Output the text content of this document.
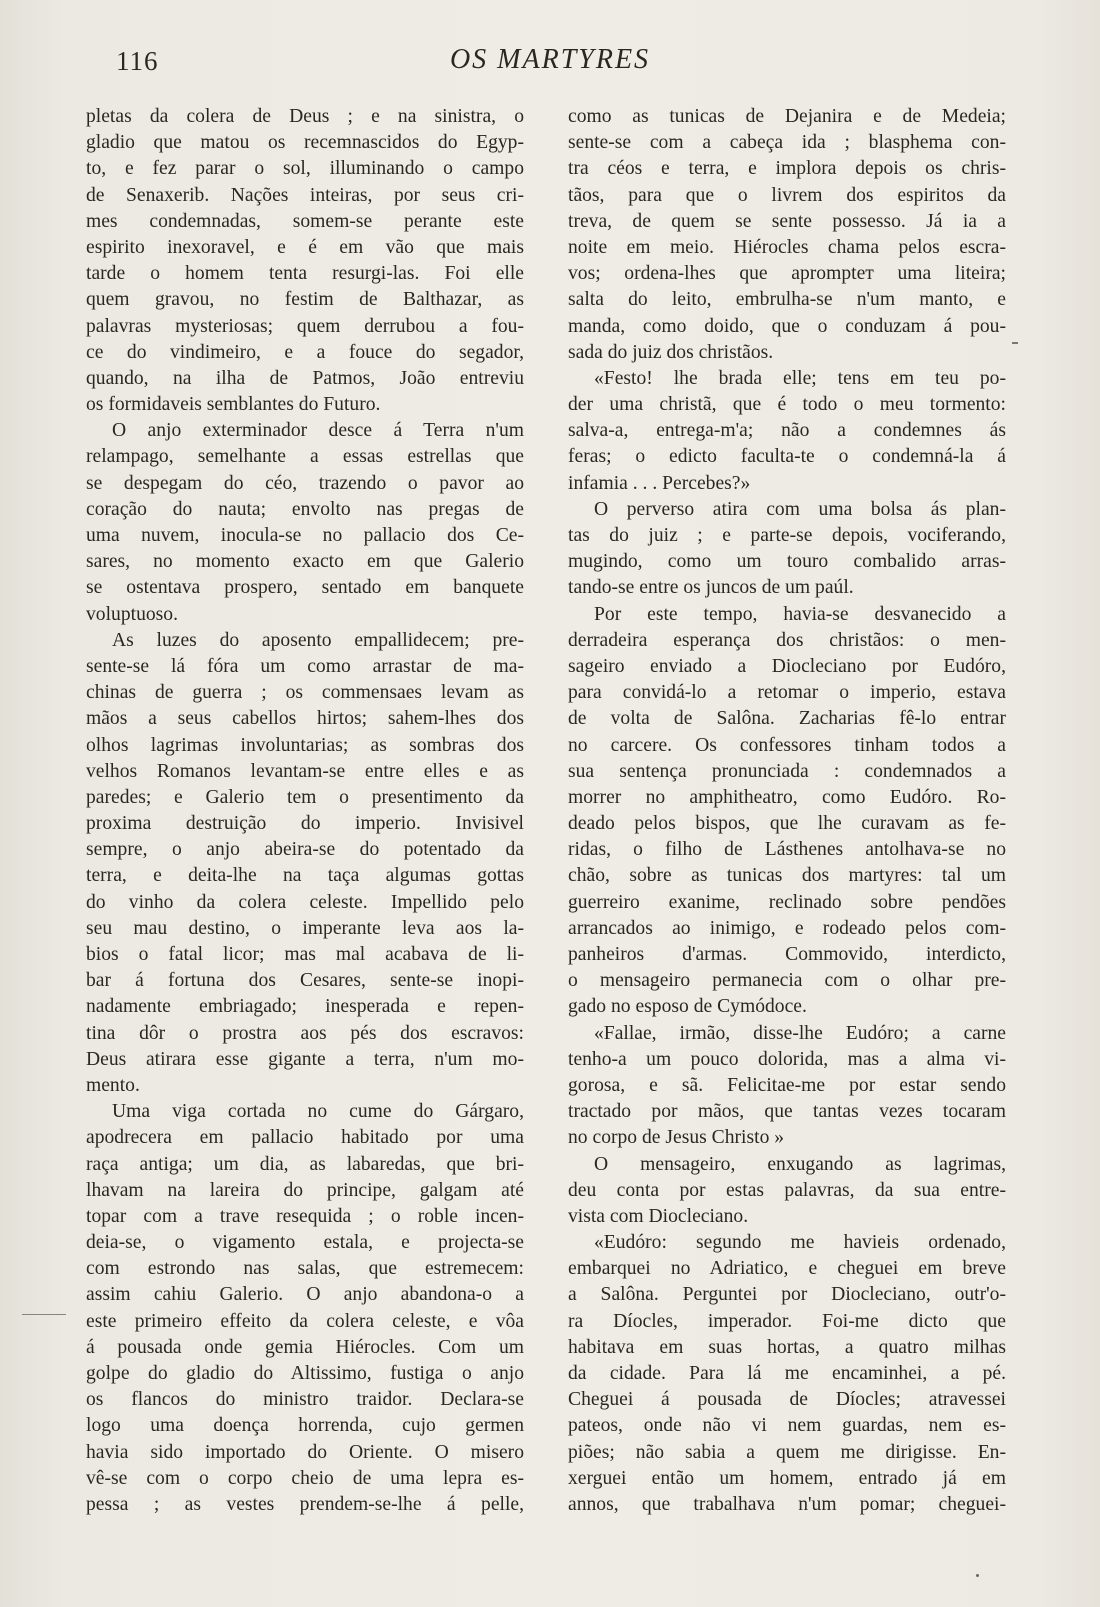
116	OS MARTYRES
pletas da colera de Deus ; e na sinistra, o
gladio que matou os recemnascidos do Egyp-
to, e fez parar o sol, illuminando o campo
de Senaxerib. Nações inteiras, por seus cri-
mes condemnadas, somem-se perante este
espirito inexoravel, e é em vão que mais
tarde o homem tenta resurgi-las. Foi elle
quem gravou, no festim de Balthazar, as
palavras mysteriosas; quem derrubou a fou-
ce do vindimeiro, e a fouce do segador,
quando, na ilha de Patmos, João entreviu
os formidaveis semblantes do Futuro.
O anjo exterminador desce á Terra n'um
relampago, semelhante a essas estrellas que
se despegam do céo, trazendo o pavor ao
coração do nauta; envolto nas pregas de
uma nuvem, inocula-se no pallacio dos Ce-
sares, no momento exacto em que Galerio
se ostentava prospero, sentado em banquete
voluptuoso.
As luzes do aposento empallidecem; pre-
sente-se lá fóra um como arrastar de ma-
chinas de guerra ; os commensaes levam as
mãos a seus cabellos hirtos; sahem-lhes dos
olhos lagrimas involuntarias; as sombras dos
velhos Romanos levantam-se entre elles e as
paredes; e Galerio tem o presentimento da
proxima destruição do imperio. Invisivel
sempre, o anjo abeira-se do potentado da
terra, e deita-lhe na taça algumas gottas
do vinho da colera celeste. Impellido pelo
seu mau destino, o imperante leva aos la-
bios o fatal licor; mas mal acabava de li-
bar á fortuna dos Cesares, sente-se inopi-
nadamente embriagado; inesperada e repen-
tina dôr o prostra aos pés dos escravos:
Deus atirara esse gigante a terra, n'um mo-
mento.
Uma viga cortada no cume do Gárgaro,
apodrecera em pallacio habitado por uma
raça antiga; um dia, as labaredas, que bri-
lhavam na lareira do principe, galgam até
topar com a trave resequida ; o roble incen-
deia-se, o vigamento estala, e projecta-se
com estrondo nas salas, que estremecem:
assim cahiu Galerio. O anjo abandona-o a
este primeiro effeito da colera celeste, e vôa
á pousada onde gemia Hiérocles. Com um
golpe do gladio do Altissimo, fustiga o anjo
os flancos do ministro traidor. Declara-se
logo uma doença horrenda, cujo germen
havia sido importado do Oriente. O misero
vê-se com o corpo cheio de uma lepra es-
pessa ; as vestes prendem-se-lhe á pelle,
como as tunicas de Dejanira e de Medeia;
sente-se com a cabeça ida ; blasphema con-
tra céos e terra, e implora depois os chris-
tãos, para que o livrem dos espiritos da
treva, de quem se sente possesso. Já ia a
noite em meio. Hiérocles chama pelos escra-
vos; ordena-lhes que aprompteт uma liteira;
salta do leito, embrulha-se n'um manto, e
manda, como doido, que o conduzam á pou-
sada do juiz dos christãos.
«Festo! lhe brada elle; tens em teu po-
der uma christã, que é todo o meu tormento:
salva-a, entrega-m'a; não a condemnes ás
feras; o edicto faculta-te o condemná-la á
infamia . . . Percebes?»
O perverso atira com uma bolsa ás plan-
tas do juiz ; e parte-se depois, vociferando,
mugindo, como um touro combalido arras-
tando-se entre os juncos de um paúl.
Por este tempo, havia-se desvanecido a
derradeira esperança dos christãos: o men-
sageiro enviado a Diocleciano por Eudóro,
para convidá-lo a retomar o imperio, estava
de volta de Salôna. Zacharias fê-lo entrar
no carcere. Os confessores tinham todos a
sua sentença pronunciada : condemnados a
morrer no amphitheatro, como Eudóro. Ro-
deado pelos bispos, que lhe curavam as fe-
ridas, o filho de Lásthenes antolhava-se no
chão, sobre as tunicas dos martyres: tal um
guerreiro exanime, reclinado sobre pendões
arrancados ao inimigo, e rodeado pelos com-
panheiros d'armas. Commovido, interdicto,
o mensageiro permanecia com o olhar pre-
gado no esposo de Cymódoce.
«Fallae, irmão, disse-lhe Eudóro; a carne
tenho-a um pouco dolorida, mas a alma vi-
gorosa, e sã. Felicitae-me por estar sendo
tractado por mãos, que tantas vezes tocaram
no corpo de Jesus Christo »
O mensageiro, enxugando as lagrimas,
deu conta por estas palavras, da sua entre-
vista com Diocleciano.
«Eudóro: segundo me havieis ordenado,
embarquei no Adriatico, e cheguei em breve
a Salôna. Perguntei por Diocleciano, outr'o-
ra Díocles, imperador. Foi-me dicto que
habitava em suas hortas, a quatro milhas
da cidade. Para lá me encaminhei, a pé.
Cheguei á pousada de Díocles; atravessei
pateos, onde não vi nem guardas, nem es-
piões; não sabia a quem me dirigisse. En-
xerguei então um homem, entrado já em
annos, que trabalhava n'um pomar; cheguei-
